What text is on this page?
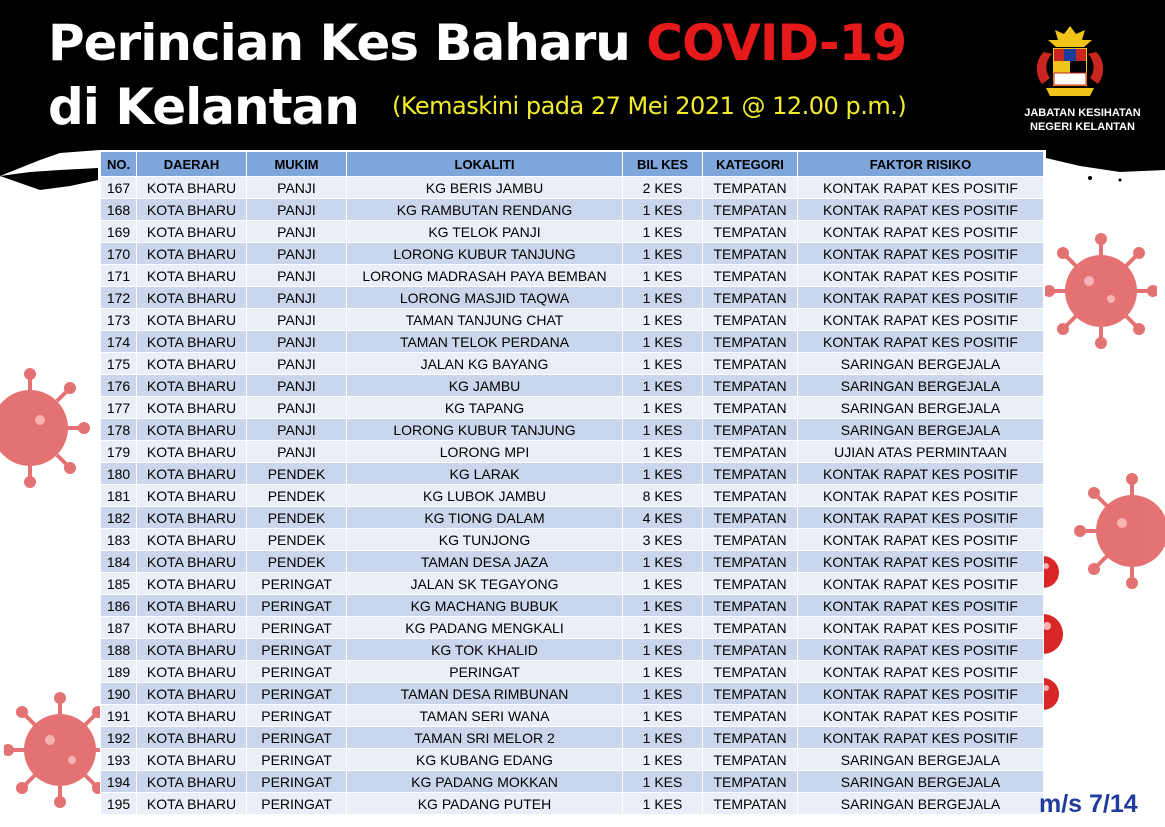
Perincian Kes Baharu COVID-19
di Kelantan (Kemaskini pada 27 Mei 2021 @ 12.00 p.m.)	JABATAN KESIHATAN
NEGERI KELANTAN
NO.	DAERAH	MUKIM	LOKALITI	BIL KES	KATEGORI	FAKTOR RISIKO
167	KOTA BHARU	PANJI	KG BERIS JAMBU	2 KES	TEMPATAN	KONTAK RAPAT KES POSITIF
168	KOTA BHARU	PANJI	KG RAMBUTAN RENDANG	1 KES	TEMPATAN	KONTAK RAPAT KES POSITIF
169	KOTA BHARU	PANJI	KG TELOK PANJI	1 KES	TEMPATAN	KONTAK RAPAT KES POSITIF
170	KOTA BHARU	PANJI	LORONG KUBUR TANJUNG	1 KES	TEMPATAN	KONTAK RAPAT KES POSITIF
171	KOTA BHARU	PANJI	LORONG MADRASAH PAYA BEMBAN	1 KES	TEMPATAN	KONTAK RAPAT KES POSITIF
172	KOTA BHARU	PANJI	LORONG MASJID TAQWA	1 KES	TEMPATAN	KONTAK RAPAT KES POSITIF
173	KOTA BHARU	PANJI	TAMAN TANJUNG CHAT	1 KES	TEMPATAN	KONTAK RAPAT KES POSITIF
174	KOTA BHARU	PANJI	TAMAN TELOK PERDANA	1 KES	TEMPATAN	KONTAK RAPAT KES POSITIF
175	KOTA BHARU	PANJI	JALAN KG BAYANG	1 KES	TEMPATAN	SARINGAN BERGEJALA
176	KOTA BHARU	PANJI	KG JAMBU	1 KES	TEMPATAN	SARINGAN BERGEJALA
177	KOTA BHARU	PANJI	KG TAPANG	1 KES	TEMPATAN	SARINGAN BERGEJALA
178	KOTA BHARU	PANJI	LORONG KUBUR TANJUNG	1 KES	TEMPATAN	SARINGAN BERGEJALA
179	KOTA BHARU	PANJI	LORONG MPI	1 KES	TEMPATAN	UJIAN ATAS PERMINTAAN
180	KOTA BHARU	PENDEK	KG LARAK	1 KES	TEMPATAN	KONTAK RAPAT KES POSITIF
181	KOTA BHARU	PENDEK	KG LUBOK JAMBU	8 KES	TEMPATAN	KONTAK RAPAT KES POSITIF
182	KOTA BHARU	PENDEK	KG TIONG DALAM	4 KES	TEMPATAN	KONTAK RAPAT KES POSITIF
183	KOTA BHARU	PENDEK	KG TUNJONG	3 KES	TEMPATAN	KONTAK RAPAT KES POSITIF
184	KOTA BHARU	PENDEK	TAMAN DESA JAZA	1 KES	TEMPATAN	KONTAK RAPAT KES POSITIF
185	KOTA BHARU	PERINGAT	JALAN SK TEGAYONG	1 KES	TEMPATAN	KONTAK RAPAT KES POSITIF
186	KOTA BHARU	PERINGAT	KG MACHANG BUBUK	1 KES	TEMPATAN	KONTAK RAPAT KES POSITIF
187	KOTA BHARU	PERINGAT	KG PADANG MENGKALI	1 KES	TEMPATAN	KONTAK RAPAT KES POSITIF
188	KOTA BHARU	PERINGAT	KG TOK KHALID	1 KES	TEMPATAN	KONTAK RAPAT KES POSITIF
189	KOTA BHARU	PERINGAT	PERINGAT	1 KES	TEMPATAN	KONTAK RAPAT KES POSITIF
190	KOTA BHARU	PERINGAT	TAMAN DESA RIMBUNAN	1 KES	TEMPATAN	KONTAK RAPAT KES POSITIF
191	KOTA BHARU	PERINGAT	TAMAN SERI WANA	1 KES	TEMPATAN	KONTAK RAPAT KES POSITIF
192	KOTA BHARU	PERINGAT	TAMAN SRI MELOR 2	1 KES	TEMPATAN	KONTAK RAPAT KES POSITIF
193	KOTA BHARU	PERINGAT	KG KUBANG EDANG	1 KES	TEMPATAN	SARINGAN BERGEJALA
194	KOTA BHARU	PERINGAT	KG PADANG MOKKAN	1 KES	TEMPATAN	SARINGAN BERGEJALA
195	KOTA BHARU	PERINGAT	KG PADANG PUTEH	1 KES	TEMPATAN	SARINGAN BERGEJALA m/s 7/14
